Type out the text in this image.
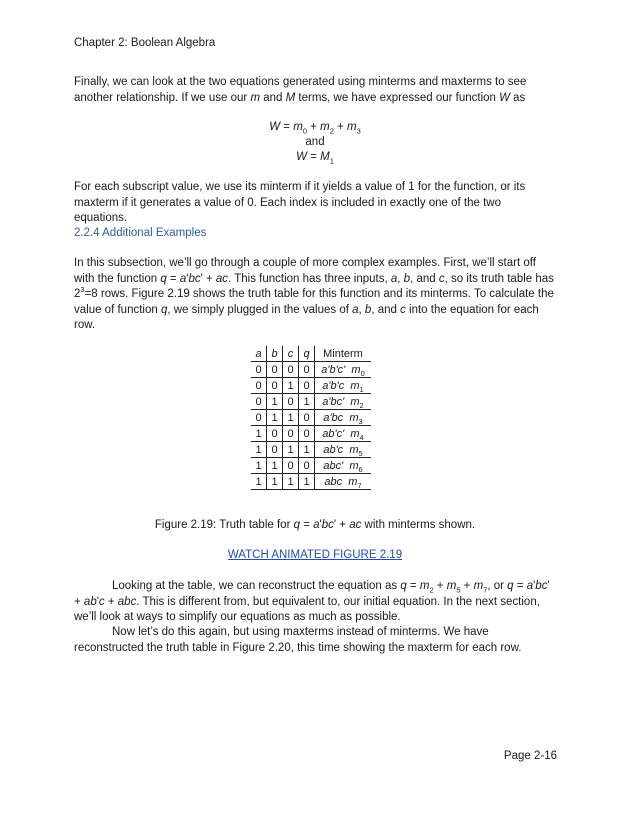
Chapter 2: Boolean Algebra
Finally, we can look at the two equations generated using minterms and maxterms to see another relationship. If we use our m and M terms, we have expressed our function W as
$W = m_0 + m_2 + m_3$
and
$W = M_1$
For each subscript value, we use its minterm if it yields a value of 1 for the function, or its maxterm if it generates a value of 0. Each index is included in exactly one of the two equations.
2.2.4 Additional Examples
In this subsection, we’ll go through a couple of more complex examples. First, we’ll start off with the function q = a'bc' + ac. This function has three inputs, a, b, and c, so its truth table has $2^3=8$ rows. Figure 2.19 shows the truth table for this function and its minterms. To calculate the value of function q, we simply plugged in the values of a, b, and c into the equation for each row.
a	b	c	q	Minterm
0	0	0	0	a'b'c' $m_0$
0	0	1	0	a'b'c $m_1$
0	1	0	1	a'bc' $m_2$
0	1	1	0	a'bc $m_3$
1	0	0	0	ab'c' $m_4$
1	0	1	1	ab'c $m_5$
1	1	0	0	abc' $m_6$
1	1	1	1	abc $m_7$
Figure 2.19: Truth table for q = a'bc' + ac with minterms shown.
WATCH ANIMATED FIGURE 2.19
Looking at the table, we can reconstruct the equation as $q = m_2 + m_5 + m_7$, or q = a'bc' + ab'c + abc. This is different from, but equivalent to, our initial equation. In the next section, we’ll look at ways to simplify our equations as much as possible.
Now let’s do this again, but using maxterms instead of minterms. We have reconstructed the truth table in Figure 2.20, this time showing the maxterm for each row.
Page 2-16
